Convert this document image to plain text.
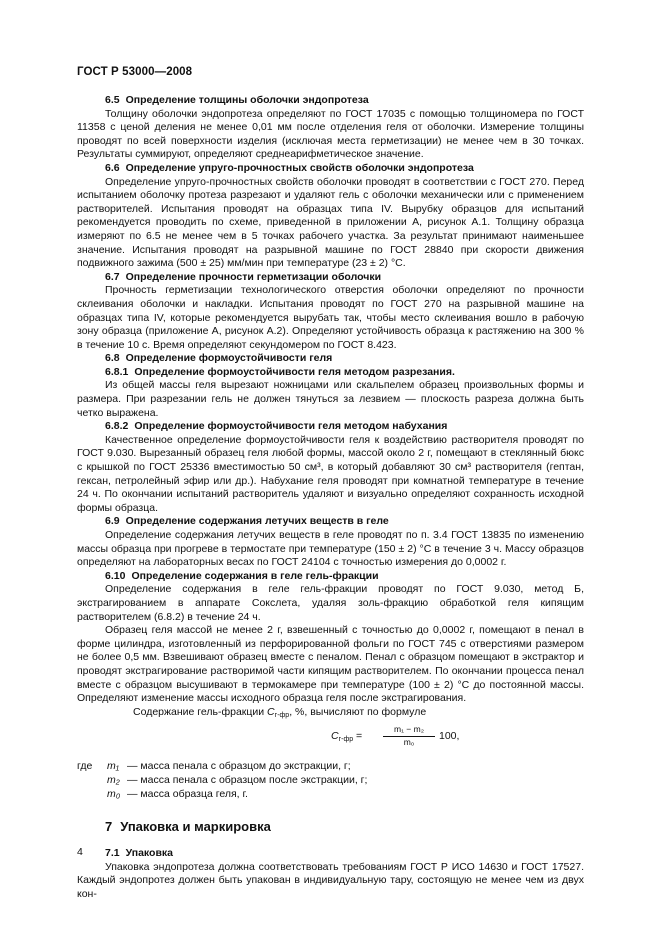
ГОСТ Р 53000—2008
6.5 Определение толщины оболочки эндопротеза

Толщину оболочки эндопротеза определяют по ГОСТ 17035 с помощью толщиномера по ГОСТ 11358 с ценой деления не менее 0,01 мм после отделения геля от оболочки. Измерение толщины проводят по всей поверхности изделия (исключая места герметизации) не менее чем в 30 точках. Результаты суммируют, определяют среднеарифметическое значение.

6.6 Определение упруго-прочностных свойств оболочки эндопротеза

Определение упруго-прочностных свойств оболочки проводят в соответствии с ГОСТ 270. Перед испытанием оболочку протеза разрезают и удаляют гель с оболочки механически или с применением растворителей. Испытания проводят на образцах типа IV. Вырубку образцов для испытаний рекомендуется проводить по схеме, приведенной в приложении А, рисунок А.1. Толщину образца измеряют по 6.5 не менее чем в 5 точках рабочего участка. За результат принимают наименьшее значение. Испытания проводят на разрывной машине по ГОСТ 28840 при скорости движения подвижного зажима (500 ± 25) мм/мин при температуре (23 ± 2) °С.

6.7 Определение прочности герметизации оболочки

Прочность герметизации технологического отверстия оболочки определяют по прочности склеивания оболочки и накладки. Испытания проводят по ГОСТ 270 на разрывной машине на образцах типа IV, которые рекомендуется вырубать так, чтобы место склеивания вошло в рабочую зону образца (приложение А, рисунок А.2). Определяют устойчивость образца к растяжению на 300 % в течение 10 с. Время определяют секундомером по ГОСТ 8.423.

6.8 Определение формоустойчивости геля
6.8.1 Определение формоустойчивости геля методом разрезания.

Из общей массы геля вырезают ножницами или скальпелем образец произвольных формы и размера. При разрезании гель не должен тянуться за лезвием — плоскость разреза должна быть четко выражена.

6.8.2 Определение формоустойчивости геля методом набухания

Качественное определение формоустойчивости геля к воздействию растворителя проводят по ГОСТ 9.030. Вырезанный образец геля любой формы, массой около 2 г, помещают в стеклянный бюкс с крышкой по ГОСТ 25336 вместимостью 50 см³, в который добавляют 30 см³ растворителя (гептан, гексан, петролейный эфир или др.). Набухание геля проводят при комнатной температуре в течение 24 ч. По окончании испытаний растворитель удаляют и визуально определяют сохранность исходной формы образца.

6.9 Определение содержания летучих веществ в геле

Определение содержания летучих веществ в геле проводят по п. 3.4 ГОСТ 13835 по изменению массы образца при прогреве в термостате при температуре (150 ± 2) °С в течение 3 ч. Массу образцов определяют на лабораторных весах по ГОСТ 24104 с точностью измерения до 0,0002 г.

6.10 Определение содержания в геле гель-фракции

Определение содержания в геле гель-фракции проводят по ГОСТ 9.030, метод Б, экстрагированием в аппарате Сокслета, удаляя золь-фракцию обработкой геля кипящим растворителем (6.8.2) в течение 24 ч.

Образец геля массой не менее 2 г, взвешенный с точностью до 0,0002 г, помещают в пенал в форме цилиндра, изготовленный из перфорированной фольги по ГОСТ 745 с отверстиями размером не более 0,5 мм. Взвешивают образец вместе с пеналом. Пенал с образцом помещают в экстрактор и проводят экстрагирование растворимой части кипящим растворителем. По окончании процесса пенал вместе с образцом высушивают в термокамере при температуре (100 ± 2) °С до постоянной массы. Определяют изменение массы исходного образца геля после экстрагирования.

Содержание гель-фракции $С_{г-фр}$, %, вычисляют по формуле

$С_{г-фр} = \frac{\text{m₁ − m₂}}{\text{m₀}} 100$,
где	m₁ — масса пенала с образцом до экстракции, г;
m₂ — масса пенала с образцом после экстракции, г;
m₀ — масса образца геля, г.
7 Упаковка и маркировка
7.1 Упаковка

Упаковка эндопротеза должна соответствовать требованиям ГОСТ Р ИСО 14630 и ГОСТ 17527. Каждый эндопротез должен быть упакован в индивидуальную тару, состоящую не менее чем из двух кон-

4
